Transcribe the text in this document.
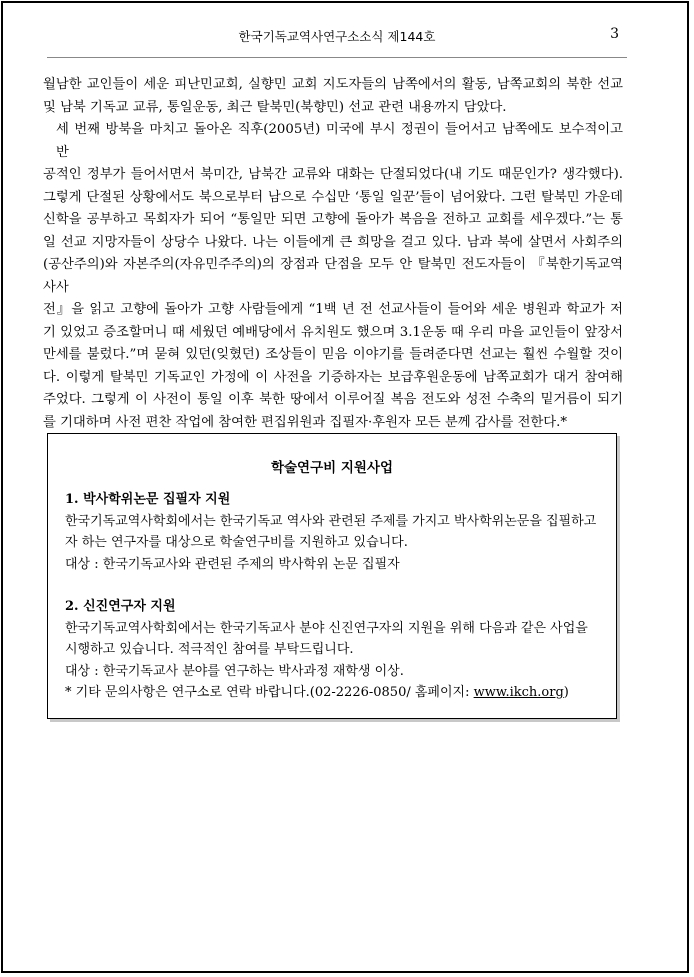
한국기독교역사연구소소식 제144호	3

월남한 교인들이 세운 피난민교회, 실향민 교회 지도자들의 남쪽에서의 활동, 남쪽교회의 북한 선교

및 남북 기독교 교류, 통일운동, 최근 탈북민(북향민) 선교 관련 내용까지 담았다.

세 번째 방북을 마치고 돌아온 직후(2005년) 미국에 부시 정권이 들어서고 남쪽에도 보수적이고 반

공적인 정부가 들어서면서 북미간, 남북간 교류와 대화는 단절되었다(내 기도 때문인가? 생각했다).

그렇게 단절된 상황에서도 북으로부터 남으로 수십만 ‘통일 일꾼’들이 넘어왔다. 그런 탈북민 가운데

신학을 공부하고 목회자가 되어 “통일만 되면 고향에 돌아가 복음을 전하고 교회를 세우겠다.”는 통

일 선교 지망자들이 상당수 나왔다. 나는 이들에게 큰 희망을 걸고 있다. 남과 북에 살면서 사회주의

(공산주의)와 자본주의(자유민주주의)의 장점과 단점을 모두 안 탈북민 전도자들이 『북한기독교역사사

전』을 읽고 고향에 돌아가 고향 사람들에게 “1백 년 전 선교사들이 들어와 세운 병원과 학교가 저

기 있었고 증조할머니 때 세웠던 예배당에서 유치원도 했으며 3.1운동 때 우리 마을 교인들이 앞장서

만세를 불렀다.”며 묻혀 있던(잊혔던) 조상들이 믿음 이야기를 들려준다면 선교는 훨씬 수월할 것이

다. 이렇게 탈북민 기독교인 가정에 이 사전을 기증하자는 보급후원운동에 남쪽교회가 대거 참여해

주었다. 그렇게 이 사전이 통일 이후 북한 땅에서 이루어질 복음 전도와 성전 수축의 밑거름이 되기

를 기대하며 사전 편찬 작업에 참여한 편집위원과 집필자·후원자 모든 분께 감사를 전한다.*

학술연구비 지원사업

1. 박사학위논문 집필자 지원

한국기독교역사학회에서는 한국기독교 역사와 관련된 주제를 가지고 박사학위논문을 집필하고

자 하는 연구자를 대상으로 학술연구비를 지원하고 있습니다.

대상 : 한국기독교사와 관련된 주제의 박사학위 논문 집필자

2. 신진연구자 지원

한국기독교역사학회에서는 한국기독교사 분야 신진연구자의 지원을 위해 다음과 같은 사업을

시행하고 있습니다. 적극적인 참여를 부탁드립니다.

대상 : 한국기독교사 분야를 연구하는 박사과정 재학생 이상.

* 기타 문의사항은 연구소로 연락 바랍니다.(02-2226-0850/ 홈페이지: www.ikch.org)
